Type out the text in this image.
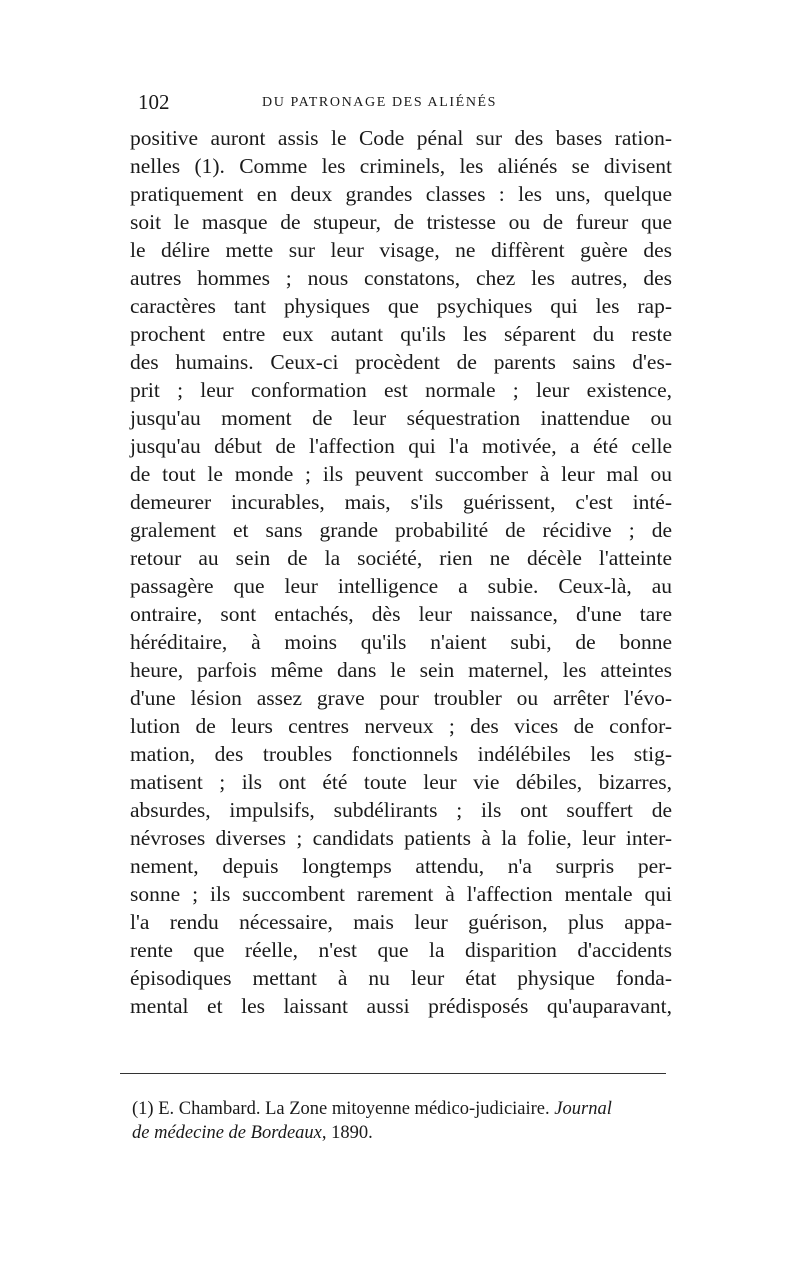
102	DU PATRONAGE DES ALIÉNÉS
positive auront assis le Code pénal sur des bases ration-
nelles (1). Comme les criminels, les aliénés se divisent
pratiquement en deux grandes classes : les uns, quelque
soit le masque de stupeur, de tristesse ou de fureur que
le délire mette sur leur visage, ne diffèrent guère des
autres hommes ; nous constatons, chez les autres, des
caractères tant physiques que psychiques qui les rap-
prochent entre eux autant qu'ils les séparent du reste
des humains. Ceux-ci procèdent de parents sains d'es-
prit ; leur conformation est normale ; leur existence,
jusqu'au moment de leur séquestration inattendue ou
jusqu'au début de l'affection qui l'a motivée, a été celle
de tout le monde ; ils peuvent succomber à leur mal ou
demeurer incurables, mais, s'ils guérissent, c'est inté-
gralement et sans grande probabilité de récidive ; de
retour au sein de la société, rien ne décèle l'atteinte
passagère que leur intelligence a subie. Ceux-là, au
ontraire, sont entachés, dès leur naissance, d'une tare
héréditaire, à moins qu'ils n'aient subi, de bonne
heure, parfois même dans le sein maternel, les atteintes
d'une lésion assez grave pour troubler ou arrêter l'évo-
lution de leurs centres nerveux ; des vices de confor-
mation, des troubles fonctionnels indélébiles les stig-
matisent ; ils ont été toute leur vie débiles, bizarres,
absurdes, impulsifs, subdélirants ; ils ont souffert de
névroses diverses ; candidats patients à la folie, leur inter-
nement, depuis longtemps attendu, n'a surpris per-
sonne ; ils succombent rarement à l'affection mentale qui
l'a rendu nécessaire, mais leur guérison, plus appa-
rente que réelle, n'est que la disparition d'accidents
épisodiques mettant à nu leur état physique fonda-
mental et les laissant aussi prédisposés qu'auparavant,
(1) E. Chambard. La Zone mitoyenne médico-judiciaire. Journal
de médecine de Bordeaux, 1890.
